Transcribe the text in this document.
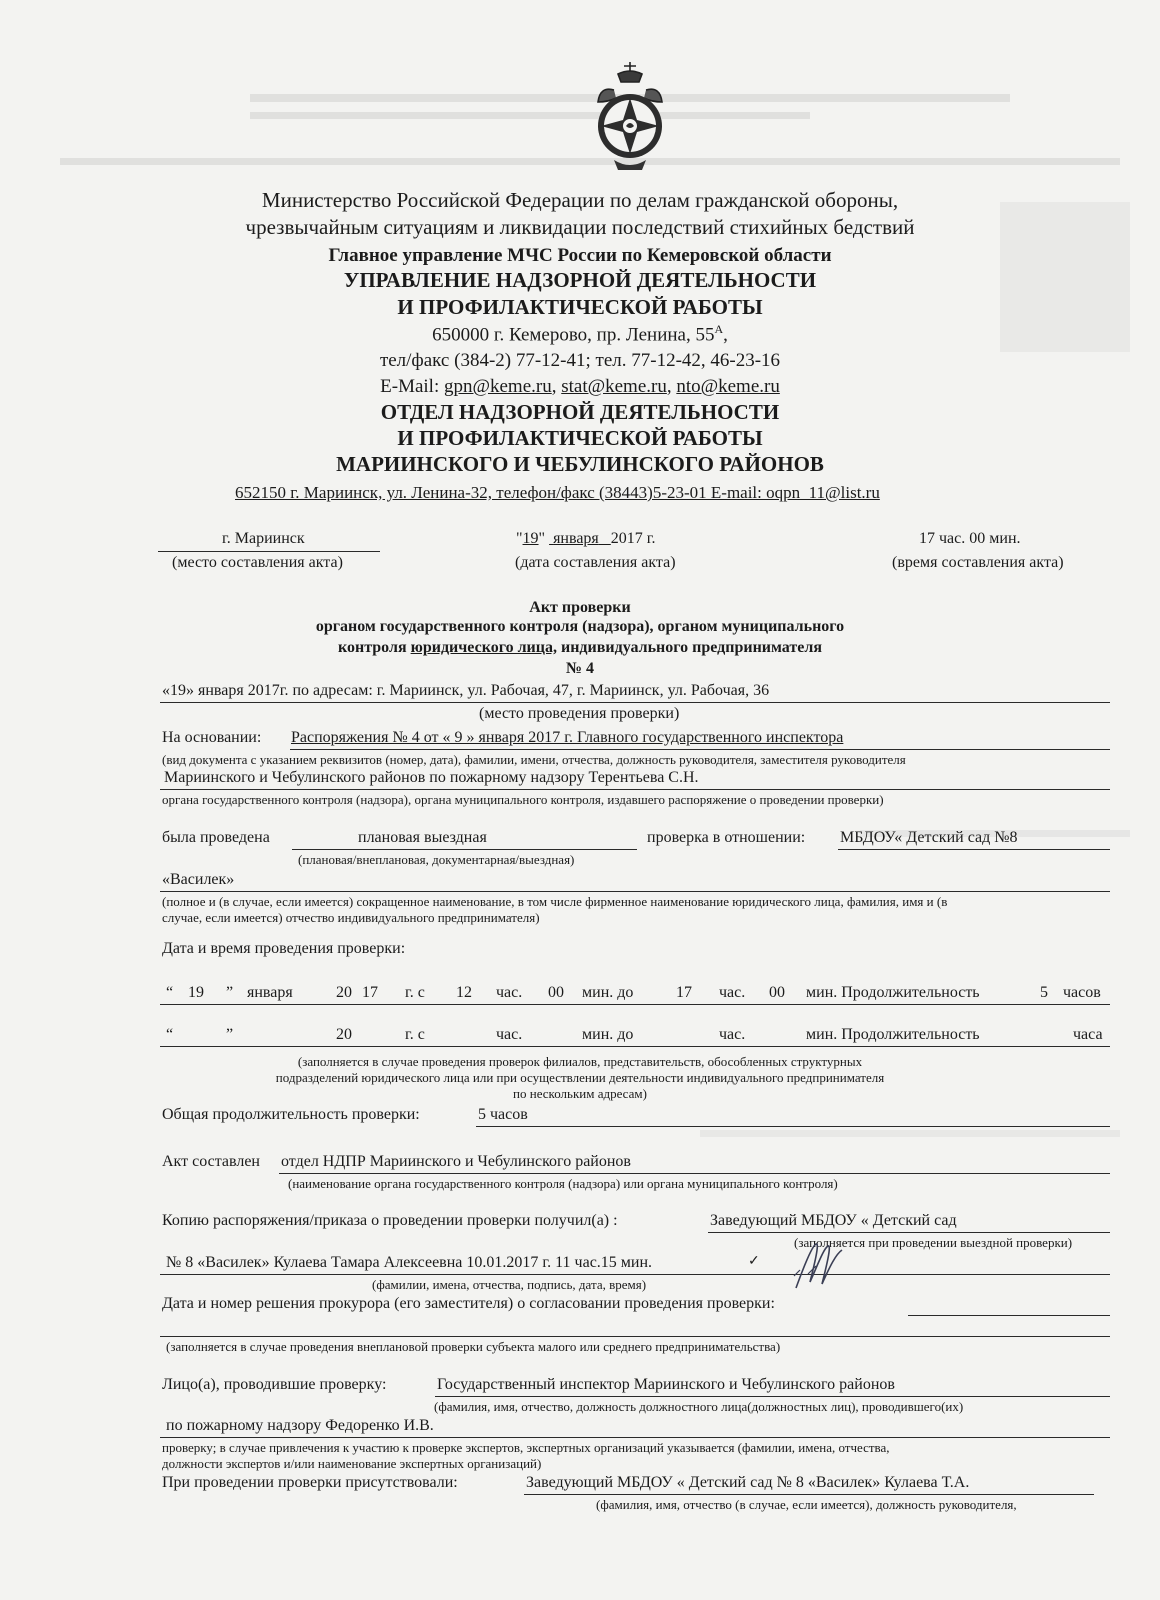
Министерство Российской Федерации по делам гражданской обороны,
чрезвычайным ситуациям и ликвидации последствий стихийных бедствий
Главное управление МЧС России по Кемеровской области
УПРАВЛЕНИЕ НАДЗОРНОЙ ДЕЯТЕЛЬНОСТИ
И ПРОФИЛАКТИЧЕСКОЙ РАБОТЫ
650000 г. Кемерово, пр. Ленина, $55^А$,
тел/факс (384-2) 77-12-41; тел. 77-12-42, 46-23-16
E-Mail: gpn@keme.ru, stat@keme.ru, nto@keme.ru
ОТДЕЛ НАДЗОРНОЙ ДЕЯТЕЛЬНОСТИ
И ПРОФИЛАКТИЧЕСКОЙ РАБОТЫ
МАРИИНСКОГО И ЧЕБУЛИНСКОГО РАЙОНОВ
652150 г. Мариинск, ул. Ленина-32, телефон/факс (38443)5-23-01 E-mail: oqpn_11@list.ru
г. Мариинск
(место составления акта)
"19" января 2017 г.
(дата составления акта)
17 час. 00 мин.
(время составления акта)
Акт проверки
органом государственного контроля (надзора), органом муниципального
контроля юридического лица, индивидуального предпринимателя
№ 4
«19» января 2017г. по адресам: г. Мариинск, ул. Рабочая, 47, г. Мариинск, ул. Рабочая, 36
(место проведения проверки)
На основании: Распоряжения № 4 от « 9 » января 2017 г. Главного государственного инспектора
(вид документа с указанием реквизитов (номер, дата), фамилии, имени, отчества, должность руководителя, заместителя руководителя
Мариинского и Чебулинского районов по пожарному надзору Терентьева С.Н.
органа государственного контроля (надзора), органа муниципального контроля, издавшего распоряжение о проведении проверки)
была проведена	плановая выездная	проверка в отношении: МБДОУ« Детский сад №8
(плановая/внеплановая, документарная/выездная)
«Василек»
(полное и (в случае, если имеется) сокращенное наименование, в том числе фирменное наименование юридического лица, фамилия, имя и (в
случае, если имеется) отчество индивидуального предпринимателя)
Дата и время проведения проверки:
“ 19 ” января	20 17 г. с 12 час. 00 мин. до	17 час. 00 мин. Продолжительность	5 часов
“	”	20	г. с	час.	мин. до	час.	мин. Продолжительность	часа
(заполняется в случае проведения проверок филиалов, представительств, обособленных структурных
подразделений юридического лица или при осуществлении деятельности индивидуального предпринимателя
по нескольким адресам)
Общая продолжительность проверки:	5 часов
Акт составлен отдел НДПР Мариинского и Чебулинского районов
(наименование органа государственного контроля (надзора) или органа муниципального контроля)
Копию распоряжения/приказа о проведении проверки получил(а) :	Заведующий МБДОУ « Детский сад
(заполняется при проведении выездной проверки)
№ 8 «Василек» Кулаева Тамара Алексеевна 10.01.2017 г. 11 час.15 мин.	✓
(фамилии, имена, отчества, подпись, дата, время)
Дата и номер решения прокурора (его заместителя) о согласовании проведения проверки:
(заполняется в случае проведения внеплановой проверки субъекта малого или среднего предпринимательства)
Лицо(а), проводившие проверку:	Государственный инспектор Мариинского и Чебулинского районов
(фамилия, имя, отчество, должность должностного лица(должностных лиц), проводившего(их)
по пожарному надзору Федоренко И.В.
проверку; в случае привлечения к участию к проверке экспертов, экспертных организаций указывается (фамилии, имена, отчества,
должности экспертов и/или наименование экспертных организаций)
При проведении проверки присутствовали:	Заведующий МБДОУ « Детский сад № 8 «Василек» Кулаева Т.А.
(фамилия, имя, отчество (в случае, если имеется), должность руководителя,
